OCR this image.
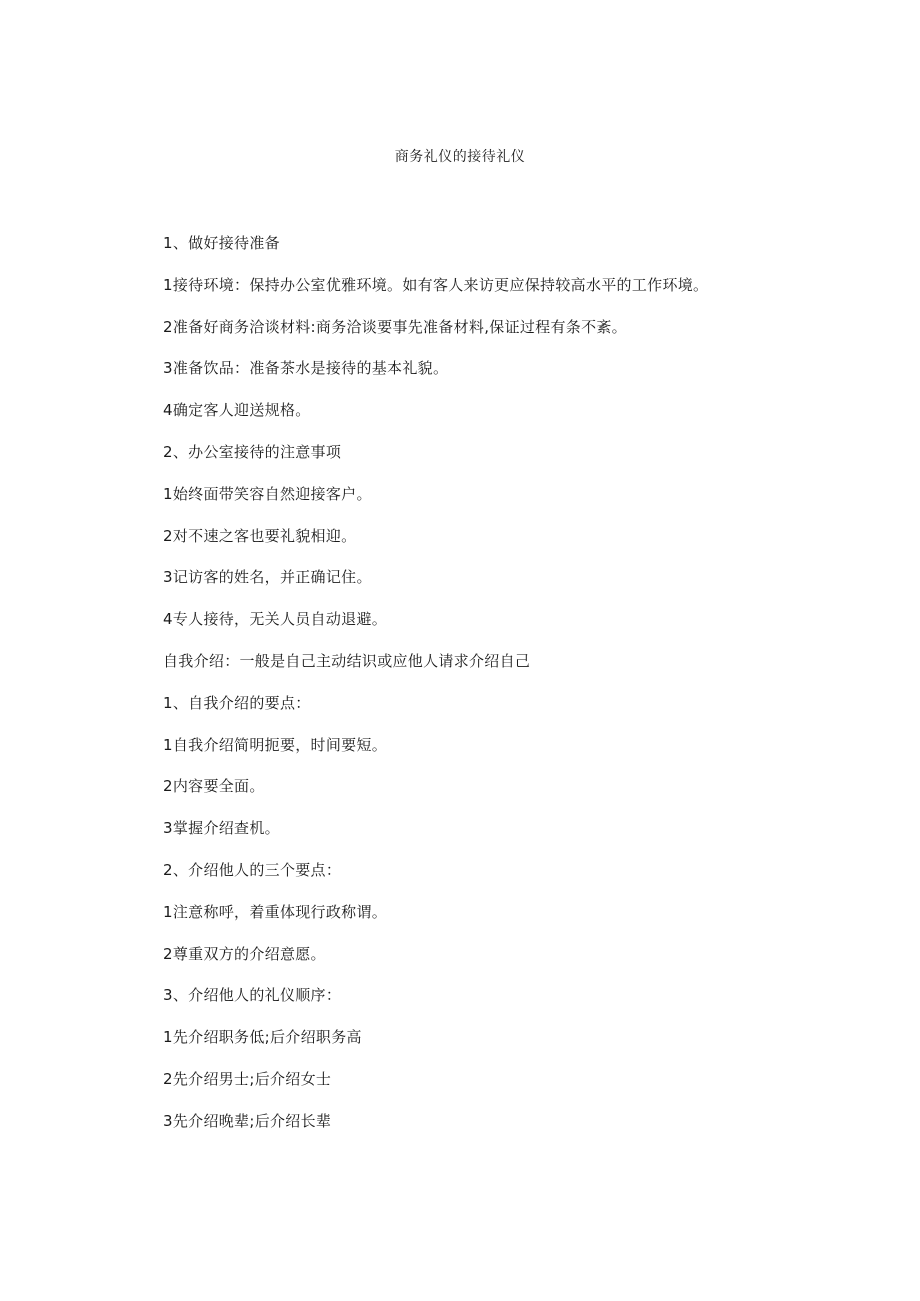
商务礼仪的接待礼仪
1、做好接待准备
1接待环境：保持办公室优雅环境。如有客人来访更应保持较高水平的工作环境。
2准备好商务洽谈材料:商务洽谈要事先准备材料,保证过程有条不紊。
3准备饮品：准备茶水是接待的基本礼貌。
4确定客人迎送规格。
2、办公室接待的注意事项
1始终面带笑容自然迎接客户。
2对不速之客也要礼貌相迎。
3记访客的姓名，并正确记住。
4专人接待，无关人员自动退避。
自我介绍：一般是自己主动结识或应他人请求介绍自己
1、自我介绍的要点：
1自我介绍简明扼要，时间要短。
2内容要全面。
3掌握介绍查机。
2、介绍他人的三个要点：
1注意称呼，着重体现行政称谓。
2尊重双方的介绍意愿。
3、介绍他人的礼仪顺序：
1先介绍职务低;后介绍职务高
2先介绍男士;后介绍女士
3先介绍晚辈;后介绍长辈
